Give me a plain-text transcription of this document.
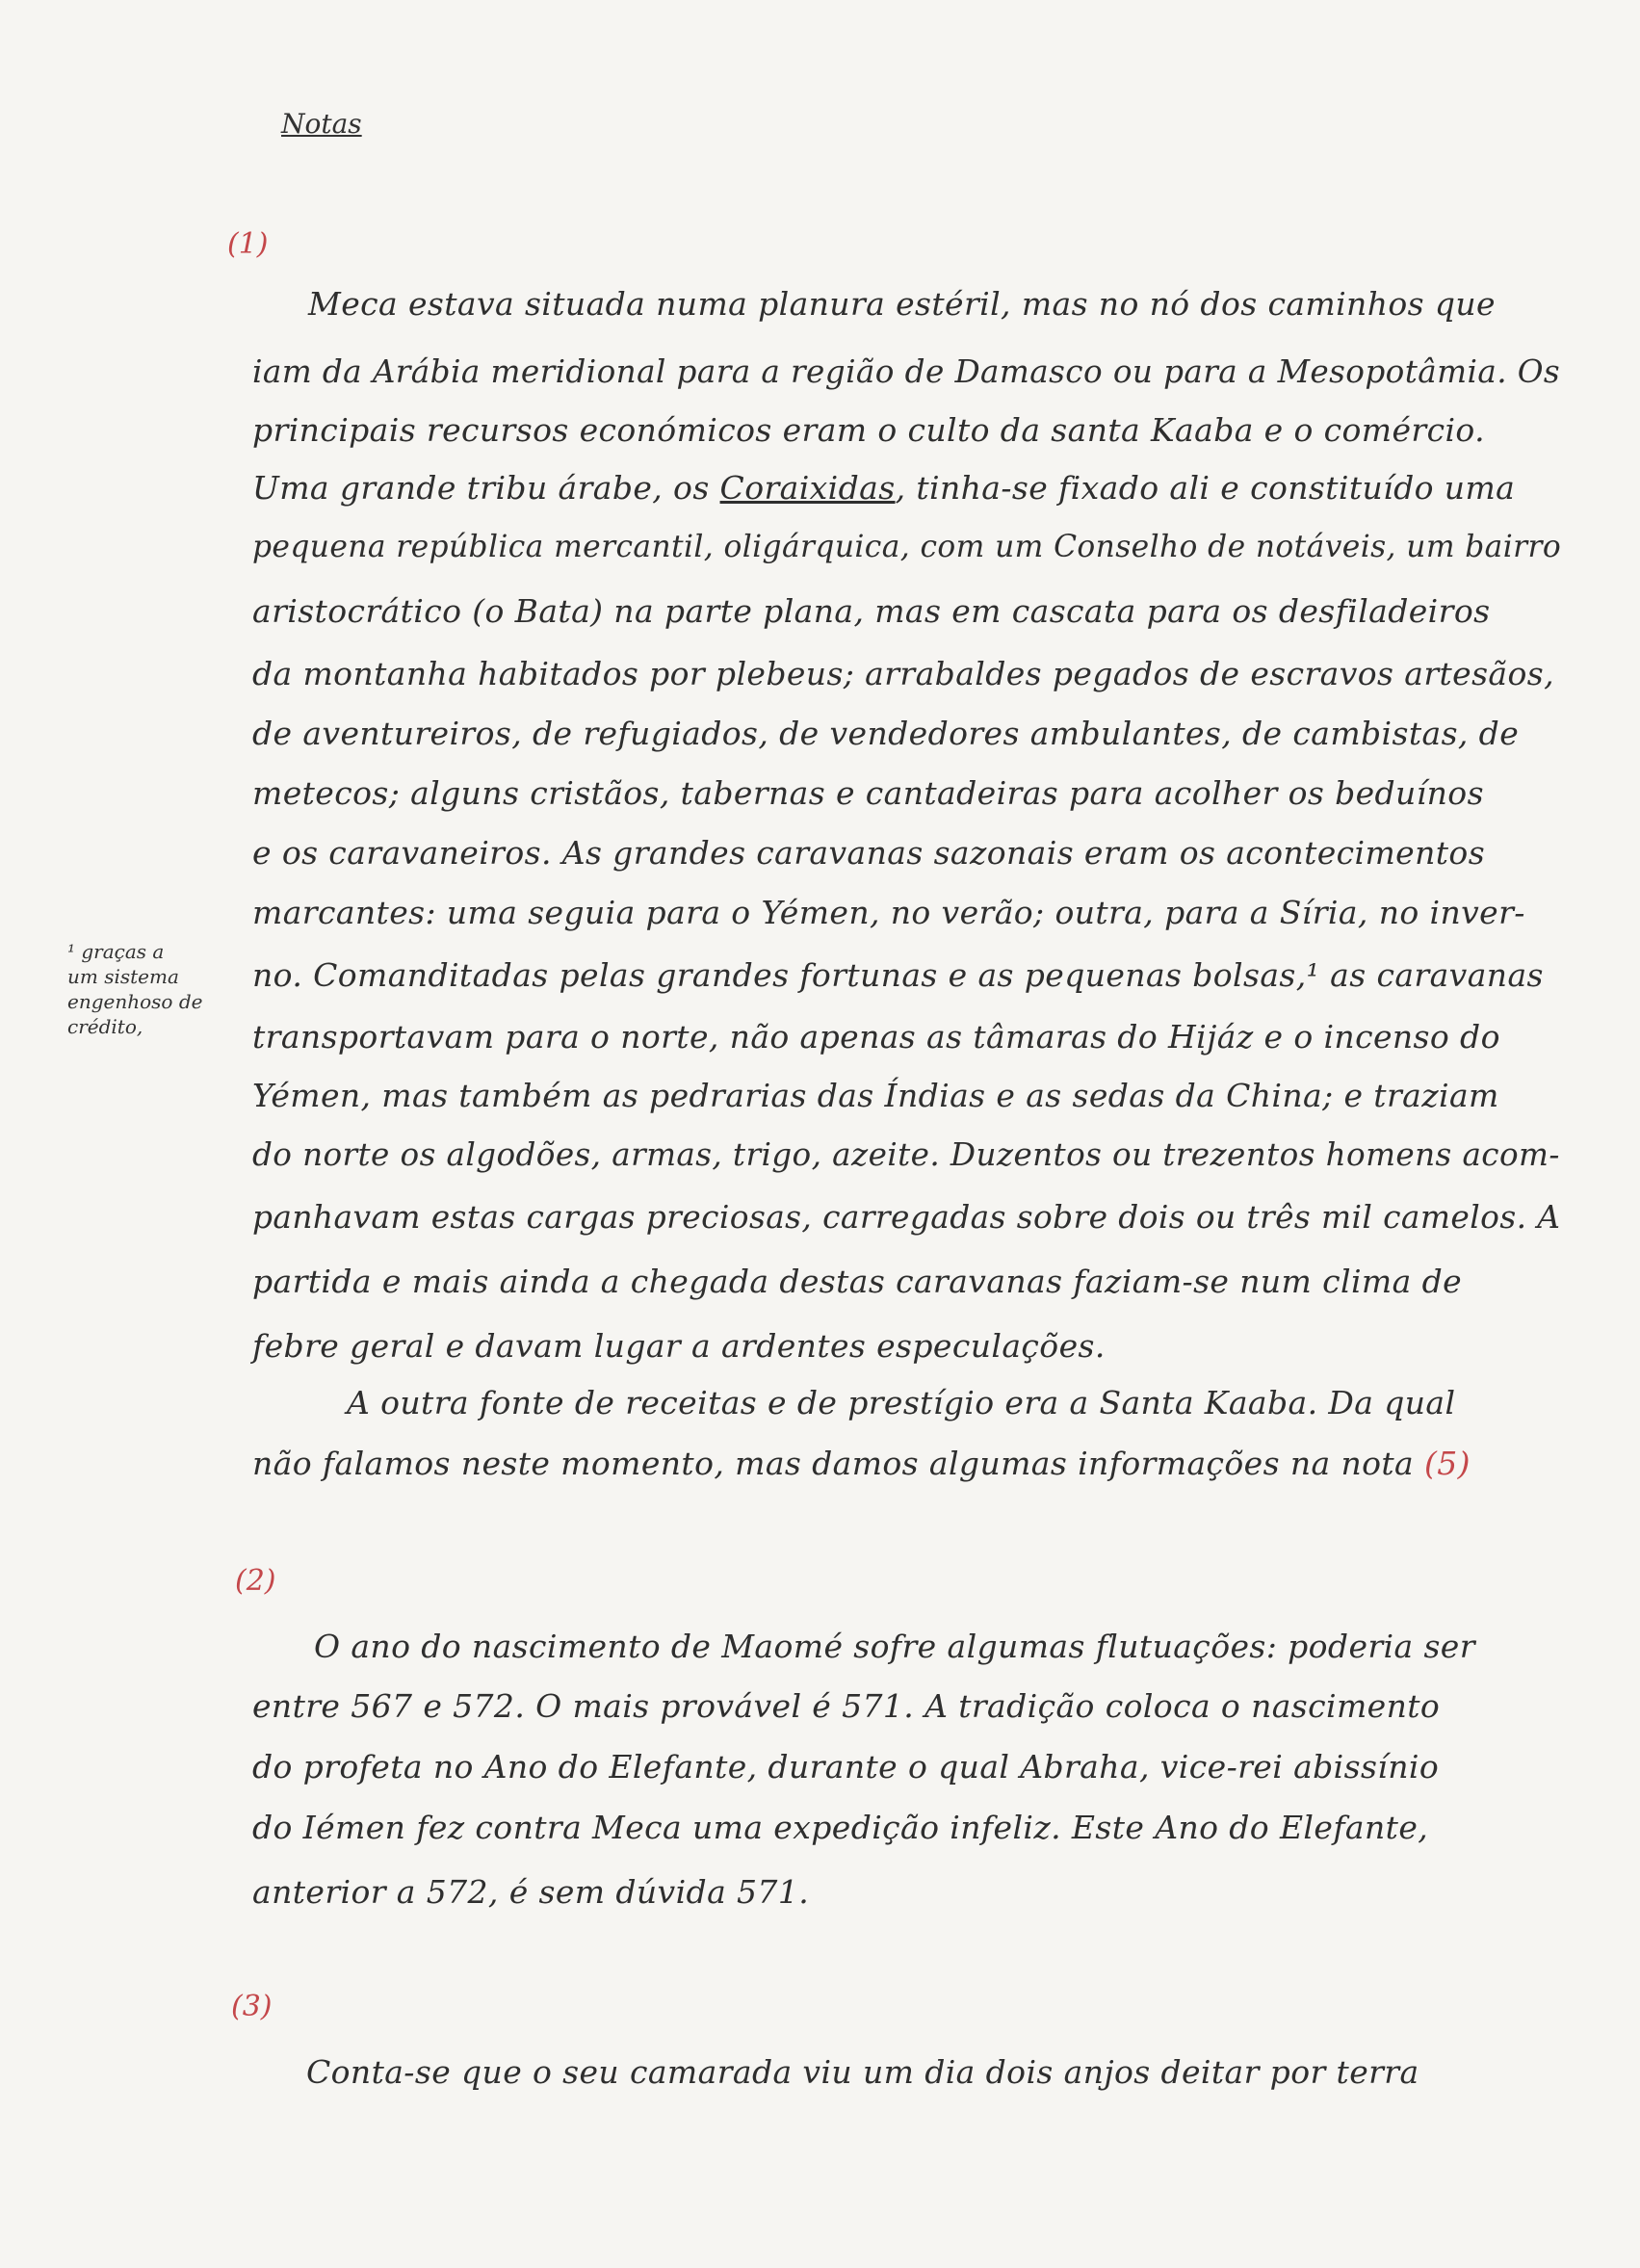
Notas
(1)
Meca estava situada numa planura estéril, mas no nó dos caminhos que
iam da Arábia meridional para a região de Damasco ou para a Mesopotâmia. Os
principais recursos económicos eram o culto da santa Kaaba e o comércio.
Uma grande tribu árabe, os Coraixidas, tinha-se fixado ali e constituído uma
pequena república mercantil, oligárquica, com um Conselho de notáveis, um bairro
aristocrático (o Bata) na parte plana, mas em cascata para os desfiladeiros
da montanha habitados por plebeus; arrabaldes pegados de escravos artesãos,
de aventureiros, de refugiados, de vendedores ambulantes, de cambistas, de
metecos; alguns cristãos, tabernas e cantadeiras para acolher os beduínos
e os caravaneiros. As grandes caravanas sazonais eram os acontecimentos
marcantes: uma seguia para o Yémen, no verão; outra, para a Síria, no inver-
no. Comanditadas pelas grandes fortunas e as pequenas bolsas,¹ as caravanas
transportavam para o norte, não apenas as tâmaras do Hijáz e o incenso do
Yémen, mas também as pedrarias das Índias e as sedas da China; e traziam
do norte os algodões, armas, trigo, azeite. Duzentos ou trezentos homens acom-
panhavam estas cargas preciosas, carregadas sobre dois ou três mil camelos. A
partida e mais ainda a chegada destas caravanas faziam-se num clima de
febre geral e davam lugar a ardentes especulações.
A outra fonte de receitas e de prestígio era a Santa Kaaba. Da qual
não falamos neste momento, mas damos algumas informações na nota (5)
¹ graças a
um sistema
engenhoso de
crédito,
(2)
O ano do nascimento de Maomé sofre algumas flutuações: poderia ser
entre 567 e 572. O mais provável é 571. A tradição coloca o nascimento
do profeta no Ano do Elefante, durante o qual Abraha, vice-rei abissínio
do Iémen fez contra Meca uma expedição infeliz. Este Ano do Elefante,
anterior a 572, é sem dúvida 571.
(3)
Conta-se que o seu camarada viu um dia dois anjos deitar por terra
